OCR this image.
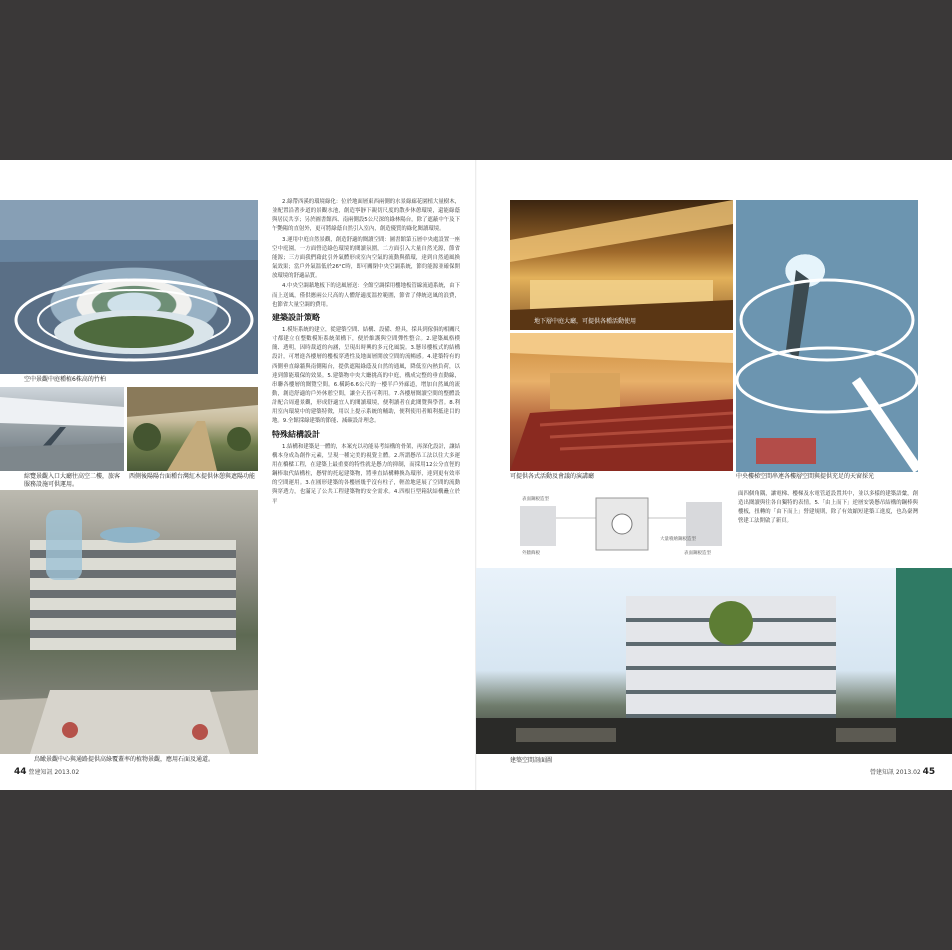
空中景觀中庭種植6株高的竹柏
綜覽景觀入口大廳往高空二樓，旅客服務設施可供運用。
西側後陽陽台面種台灣紅木提供休憩與遮陽功能
鳥瞰景觀中心與通路提供高綠覆蓋率的植物景觀，應用石面及通道。

2.綠帶西溪的環境綠化：位於地面層東西兩側的水景綠廊花園植大量樹木，並配置沿著步道的景觀水池，創造寧靜下親切尺度的散步休憩環境，還能綠蔭與居民共享；另於圖書館西、南兩側設5公尺深的綠林陽台，除了遮蔽中午及下午艷陽的直射外，更可將綠蔭自然引入室內，創造優質的綠化閱讀環境。

3.運用中庭自然景觀，創造舒適的閱讀空間：圖書館第五層中央處設置一座空中庭園，一方面營造綠色環境的閱讀氛圍，二方面引入大量自然光源，節省能源；三方面我們藉此引外氣體形成室內空氣的流動與循環，達到自然通風換氣效果；當戶外氣溫低於26°C時，即可關閉中央空調系統，節約能源並確保開放環境的舒適品質。

4.中央空調藉地板下的送風層送：全館空調採用樓地板管線流通系統，由下而上送風，僅供應兩公尺高的人體舒適度溫控範圍，節省了傳統送風的浪費，也節省大量空調的費用。

建築設計策略

1.模矩系統的建立，從建築空間、結構、設備、燈具，採具到傢俱的相關尺寸都建立在整數模矩系統架構下，便於維護與空間彈性整合。2.建築風格樸簡、透明，因時裁道的內涵，呈現出時興的多元化風貌。3.懸吊樓板式的結構設計，可增進各樓層的樓板穿透性及地面層開放空間的流暢感。4.建築特有的西側垂直綠牆與南側陽台，提供遮陽綠蔭及自然的通風，降低室內熱負荷，以達到節能環保的效果。5.建築物中央大廳挑高的中庭，構成完整的垂直動線，串聯各樓層的閱覽空間。6.橫跨6.6公尺的一樓半戶外廊道，增加自然風的流動，創造舒適的戶外休憩空間，讓全天皆可利用。7.各樓層閱讀空間的整體設計配合周邊景觀，形成舒適宜人的閱讀環境，便利讀者在此閱覽與學習。8.利用室內環境中的建築特徵，用以上提示系統的輔助，便利使用者順利抵達目的地。9.全館採綠建築的節能、減碳設計理念。

特殊結構設計

1.結構和建築是一體的，本案充以功能易考結構的骨架，再深化設計，讓結構本身成為創作元素，呈現一種完美的視覺主體。2.所謂懸吊工法以往大多運用在橋樑工程，在建築上最重要的特性就是懸力的抑制，而採用12公分直徑的鋼棒取代結構柱，懸臂的托起建築物，將垂直結構轉換為環形，達到更有效率的空間運用。3.在圓形建築的各樓層幾乎沒有柱子，輕盈地延展了空間的流動與穿透力，也滿足了公共工程建築物的安全需求。4.四根巨型箱狀結構矗立於平

44 營建知訊 2013.02
地下層中庭大廳，可提供各種活動使用
可提供各式活動及會議的演講廳	中央樓梯空間串連各樓層空間與提供充足的天窗採光
表面鋼板造型
外牆飾板
大量噴繪鋼板造型
表面鋼板造型

面四個角隅，讓電梯、樓梯及水電管道設置其中，並以多樣的建築語彙，創造出閱讀與往各自獨特的表情。5.「由上而下」逆層安裝懸吊結構的鋼棒與樓板，扭轉的「由下而上」營建規則，除了有效縮短建築工進度，也為臺灣營建工法開啟了新頁。

建築空間剖面圖
營建知訊 2013.02 45
